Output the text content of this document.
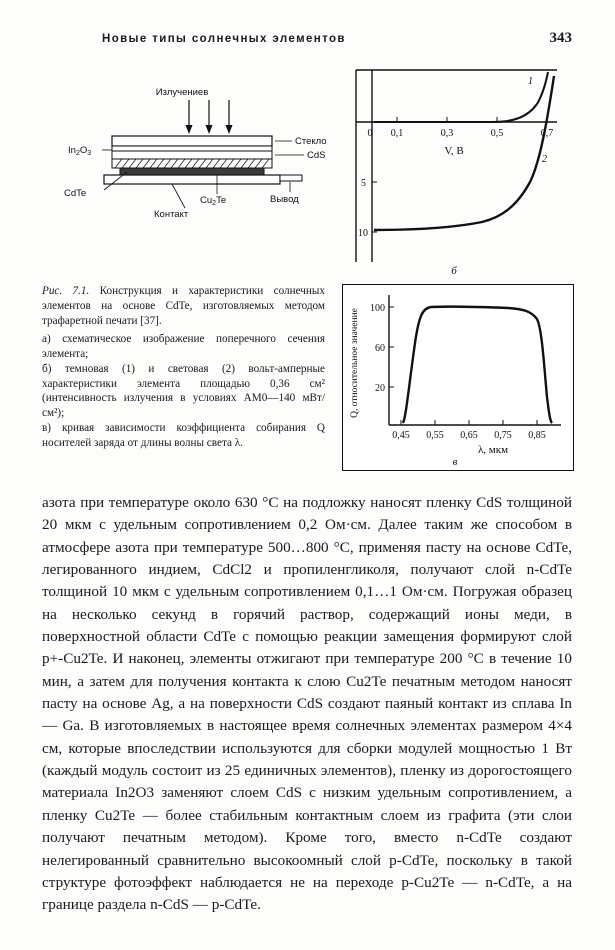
Новые типы солнечных элементов	343
Излучениев
$In_2O_3$
CdTe
Стекло
CdS
$Cu_2Te$
Контакт
Вывод
0 0,1	0,3	0,5	0,7
5
10
V, В
1
2
б
100
60
20
0,45 0,55 0,65 0,75 0,85
λ, мкм
Q, относительное значение
в

Рис. 7.1. Конструкция и характеристики солнечных элементов на основе CdTe, изготовляемых методом трафаретной печати [37].

а) схематическое изображение поперечного сечения элемента;

б) темновая (1) и световая (2) вольт-амперные характеристики элемента площадью 0,36 см² (интенсивность излучения в условиях АМ0—140 мВт/см²);

в) кривая зависимости коэффициента собирания Q носителей заряда от длины волны света λ.

азота при температуре около 630 °C на подложку наносят пленку CdS толщиной 20 мкм с удельным сопротивлением 0,2 Ом·см. Далее таким же способом в атмосфере азота при температуре 500…800 °C, применяя пасту на основе CdTe, легированного индием, CdCl2 и пропиленгликоля, получают слой n-CdTe толщиной 10 мкм с удельным сопротивлением 0,1…1 Ом·см. Погружая образец на несколько секунд в горячий раствор, содержащий ионы меди, в поверхностной области CdTe с помощью реакции замещения формируют слой p+-Cu2Te. И наконец, элементы отжигают при температуре 200 °C в течение 10 мин, а затем для получения контакта к слою Cu2Te печатным методом наносят пасту на основе Ag, а на поверхности CdS создают паяный контакт из сплава In — Ga. В изготовляемых в настоящее время солнечных элементах размером 4×4 см, которые впоследствии используются для сборки модулей мощностью 1 Вт (каждый модуль состоит из 25 единичных элементов), пленку из дорогостоящего материала In2O3 заменяют слоем CdS с низким удельным сопротивлением, а пленку Cu2Te — более стабильным контактным слоем из графита (эти слои получают печатным методом). Кроме того, вместо n-CdTe создают нелегированный сравнительно высокоомный слой p-CdTe, поскольку в такой структуре фотоэффект наблюдается не на переходе p-Cu2Te — n-CdTe, а на границе раздела n-CdS — p-CdTe.
